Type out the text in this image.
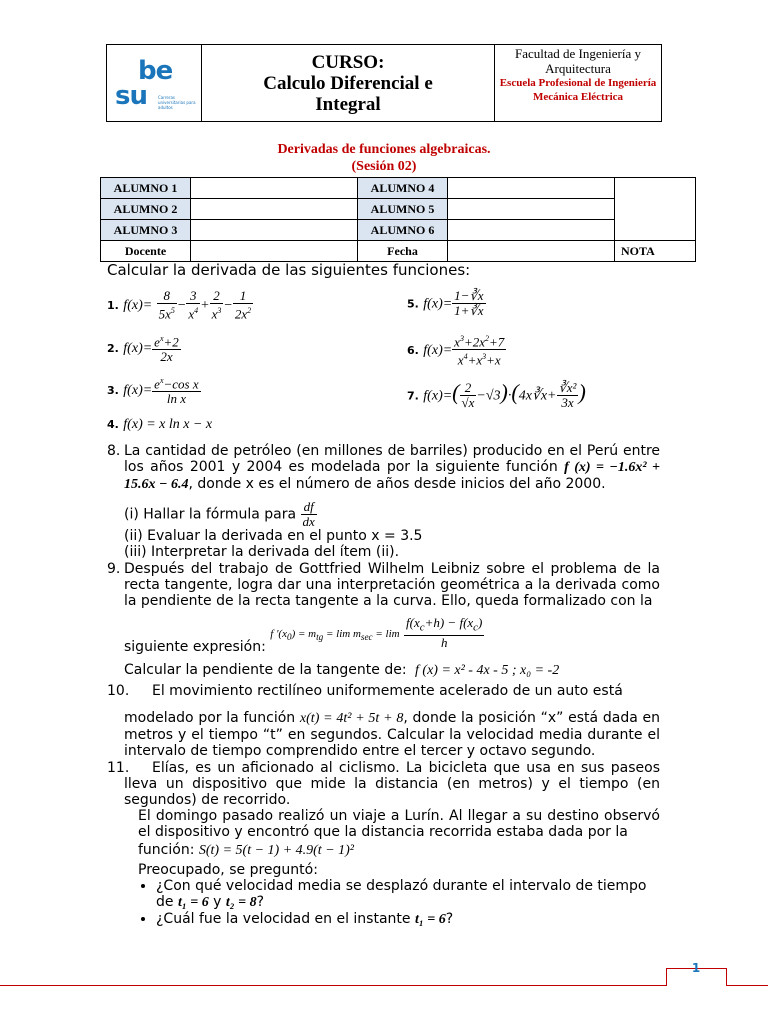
be
su	Carreras universitarias para adultos
CURSO:
Calculo Diferencial e
Integral
Facultad de Ingeniería y Arquitectura
Escuela Profesional de Ingeniería Mecánica Eléctrica
Derivadas de funciones algebraicas.
(Sesión 02)
ALUMNO 1		ALUMNO 4		
ALUMNO 2		ALUMNO 5		
ALUMNO 3		ALUMNO 6		
Docente		Fecha		NOTA
Calcular la derivada de las siguientes funciones:
1. $f(x)= \frac{8}{5x^5} - \frac{3}{x^4} + \frac{2}{x^3} - \frac{1}{2x^2}$
2. $f(x)= \frac{e^x+2}{2x}$
3. $f(x)= \frac{e^x-\cos x}{\text{ln x}}$
4. f(x) = x ln x − x
5. $f(x)= \frac{1-∛x}{1+∛x}$
6. $f(x)= \frac{x^3+2x^2+7}{x^4+x^3+x}$
7. $f(x)=( \frac{2}{√x}$ −√3)·(4x∛x+ $\frac{\text{∛x²}}{3x}$ )
8. La cantidad de petróleo (en millones de barriles) producido en el Perú entre los años 2001 y 2004 es modelada por la siguiente función f (x) = −1.6x² + 15.6x − 6.4, donde x es el número de años desde inicios del año 2000.
(i) Hallar la fórmula para $\frac{df}{dx}$
(ii) Evaluar la derivada en el punto x = 3.5
(iii) Interpretar la derivada del ítem (ii).
9. Después del trabajo de Gottfried Wilhelm Leibniz sobre el problema de la recta tangente, logra dar una interpretación geométrica a la derivada como la pendiente de la recta tangente a la curva. Ello, queda formalizado con la
siguiente expresión: f '$(x_0) = m_{tg} = \lim m_{sec} = \lim \frac{f(x_c+h) - f(x_c)}{h}$
Calcular la pendiente de la tangente de: f (x) = x² - 4x - 5 ; x₀ = -2
10. El movimiento rectilíneo uniformemente acelerado de un auto está
modelado por la función x(t) = 4t² + 5t + 8, donde la posición “x” está dada en metros y el tiempo “t” en segundos. Calcular la velocidad media durante el intervalo de tiempo comprendido entre el tercer y octavo segundo.
11.	Elías, es un aficionado al ciclismo. La bicicleta que usa en sus paseos lleva un dispositivo que mide la distancia (en metros) y el tiempo (en segundos) de recorrido.
El domingo pasado realizó un viaje a Lurín. Al llegar a su destino observó el dispositivo y encontró que la distancia recorrida estaba dada por la
función: S(t) = 5(t − 1) + 4.9(t − 1)²
Preocupado, se preguntó:
• ¿Con qué velocidad media se desplazó durante el intervalo de tiempo de t₁ = 6 y t₂ = 8?
• ¿Cuál fue la velocidad en el instante t₁ = 6?
1
